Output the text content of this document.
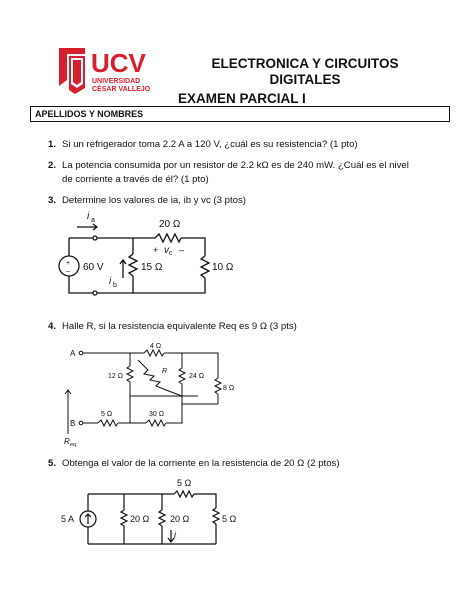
UCV
UNIVERSIDAD
CÉSAR VALLEJO
ELECTRONICA Y CIRCUITOS
DIGITALES
EXAMEN PARCIAL I
APELLIDOS Y NOMBRES
1. Si un refrigerador toma 2.2 A a 120 V, ¿cuál es su resistencia? (1 pto)
2. La potencia consumida por un resistor de 2.2 kΩ es de 240 mW. ¿Cuál es el nivel
de corriente a través de él? (1 pto)
3. Determine los valores de ia, ib y vc (3 ptos)
i a	20 Ω
+ v c –
+
– 60 V	15 Ω
i b
10 Ω
4. Halle R, si la resistencia equivalente Req es 9 Ω (3 pts)
A
4 Ω
12 Ω	24 Ω
R
8 Ω
B
5 Ω	30 Ω
R eq
5. Obtenga el valor de la corriente en la resistencia de 20 Ω (2 ptos)
5 Ω
5 A	20 Ω 20 Ω
i
5 Ω
